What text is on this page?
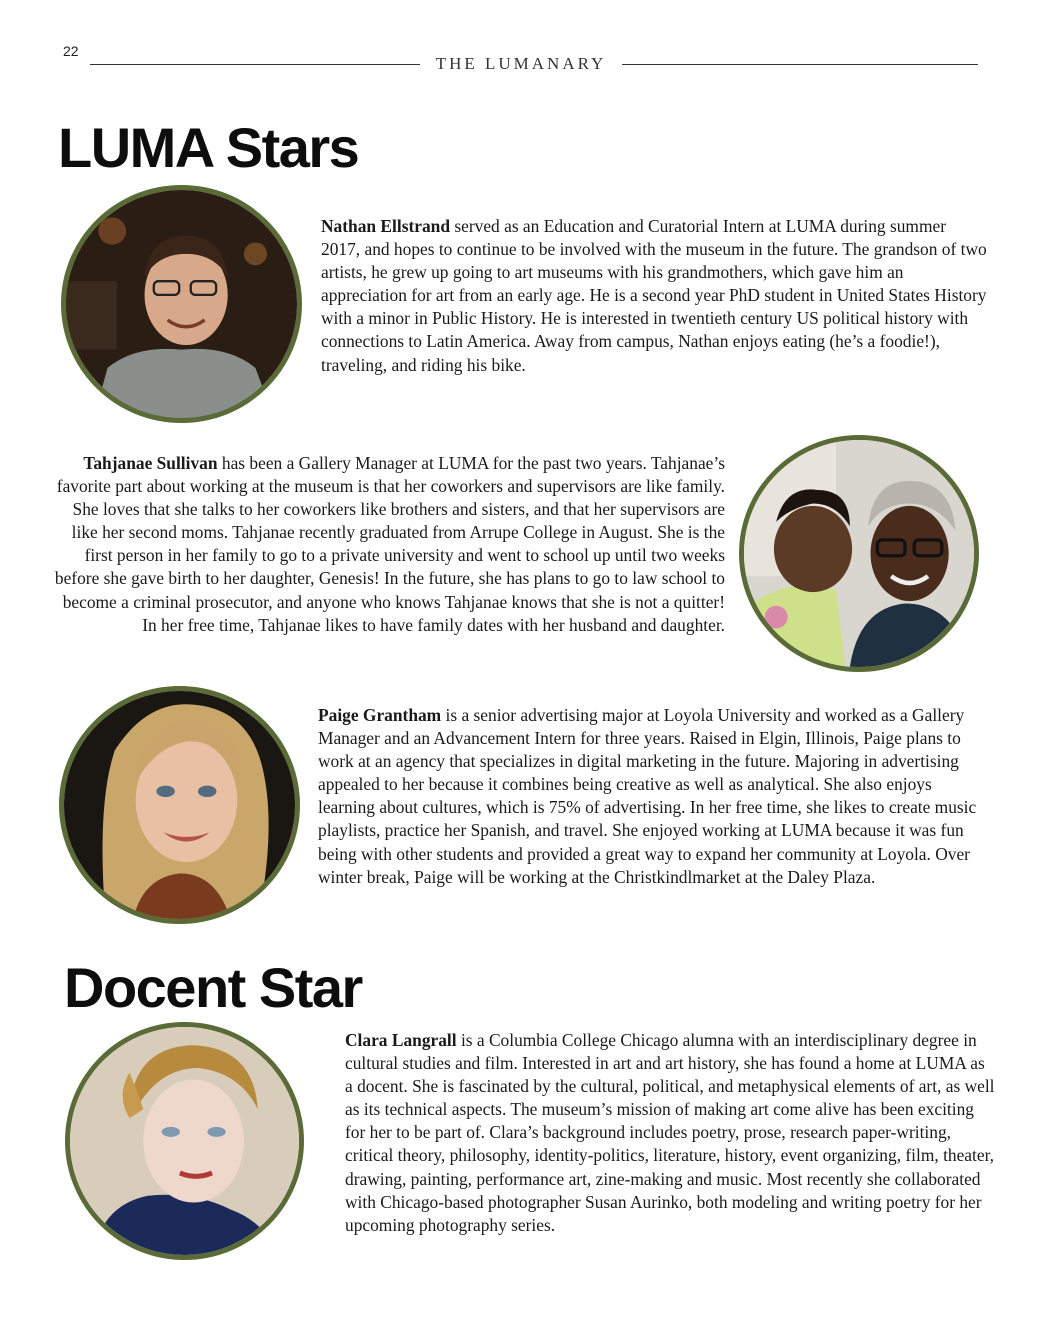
22
THE LUMANARY
LUMA Stars

Nathan Ellstrand served as an Education and Curatorial Intern at LUMA during summer 2017, and hopes to continue to be involved with the museum in the future. The grandson of two artists, he grew up going to art museums with his grandmothers, which gave him an appreciation for art from an early age. He is a second year PhD student in United States History with a minor in Public History. He is interested in twentieth century US political history with connections to Latin America. Away from campus, Nathan enjoys eating (he’s a foodie!), traveling, and riding his bike.

Tahjanae Sullivan has been a Gallery Manager at LUMA for the past two years. Tahjanae’s favorite part about working at the museum is that her coworkers and supervisors are like family. She loves that she talks to her coworkers like brothers and sisters, and that her supervisors are like her second moms. Tahjanae recently graduated from Arrupe College in August. She is the first person in her family to go to a private university and went to school up until two weeks before she gave birth to her daughter, Genesis! In the future, she has plans to go to law school to become a criminal prosecutor, and anyone who knows Tahjanae knows that she is not a quitter! In her free time, Tahjanae likes to have family dates with her husband and daughter.

Paige Grantham is a senior advertising major at Loyola University and worked as a Gallery Manager and an Advancement Intern for three years. Raised in Elgin, Illinois, Paige plans to work at an agency that specializes in digital marketing in the future. Majoring in advertising appealed to her because it combines being creative as well as analytical. She also enjoys learning about cultures, which is 75% of advertising. In her free time, she likes to create music playlists, practice her Spanish, and travel. She enjoyed working at LUMA because it was fun being with other students and provided a great way to expand her community at Loyola. Over winter break, Paige will be working at the Christkindlmarket at the Daley Plaza.

Docent Star

Clara Langrall is a Columbia College Chicago alumna with an interdisciplinary degree in cultural studies and film. Interested in art and art history, she has found a home at LUMA as a docent. She is fascinated by the cultural, political, and metaphysical elements of art, as well as its technical aspects. The museum’s mission of making art come alive has been exciting for her to be part of. Clara’s background includes poetry, prose, research paper-writing, critical theory, philosophy, identity-politics, literature, history, event organizing, film, theater, drawing, painting, performance art, zine-making and music. Most recently she collaborated with Chicago-based photographer Susan Aurinko, both modeling and writing poetry for her upcoming photography series.
